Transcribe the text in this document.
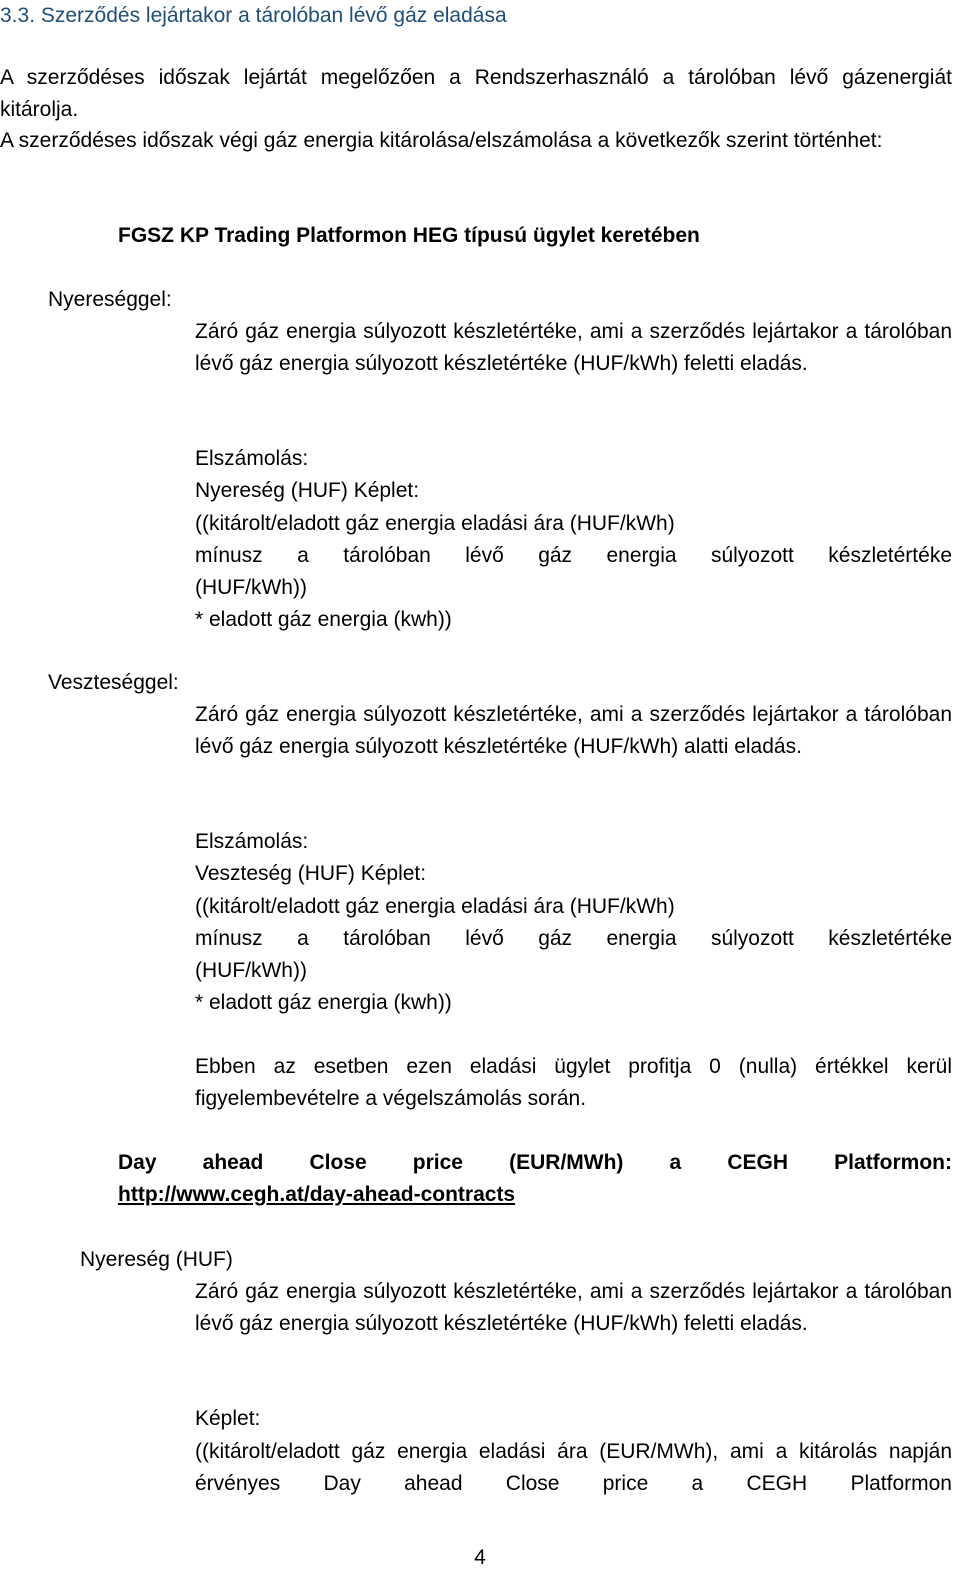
3.3. Szerződés lejártakor a tárolóban lévő gáz eladása

A szerződéses időszak lejártát megelőzően a Rendszerhasználó a tárolóban lévő gázenergiát kitárolja.

A szerződéses időszak végi gáz energia kitárolása/elszámolása a következők szerint történhet:

FGSZ KP Trading Platformon HEG típusú ügylet keretében

Nyereséggel:

Záró gáz energia súlyozott készletértéke, ami a szerződés lejártakor a tárolóban lévő gáz energia súlyozott készletértéke (HUF/kWh) feletti eladás.

Elszámolás:

Nyereség (HUF) Képlet:

((kitárolt/eladott gáz energia eladási ára (HUF/kWh)

mínusz a tárolóban lévő gáz energia súlyozott készletértéke

(HUF/kWh))

* eladott gáz energia (kwh))

Veszteséggel:

Záró gáz energia súlyozott készletértéke, ami a szerződés lejártakor a tárolóban lévő gáz energia súlyozott készletértéke (HUF/kWh) alatti eladás.

Elszámolás:

Veszteség (HUF) Képlet:

((kitárolt/eladott gáz energia eladási ára (HUF/kWh)

mínusz a tárolóban lévő gáz energia súlyozott készletértéke

(HUF/kWh))

* eladott gáz energia (kwh))

Ebben az esetben ezen eladási ügylet profitja 0 (nulla) értékkel kerül figyelembevételre a végelszámolás során.

Day ahead Close price (EUR/MWh) a CEGH Platformon:

http://www.cegh.at/day-ahead-contracts

Nyereség (HUF)

Záró gáz energia súlyozott készletértéke, ami a szerződés lejártakor a tárolóban lévő gáz energia súlyozott készletértéke (HUF/kWh) feletti eladás.

Képlet:

((kitárolt/eladott gáz energia eladási ára (EUR/MWh), ami a kitárolás napján érvényes Day ahead Close price a CEGH Platformon

4
